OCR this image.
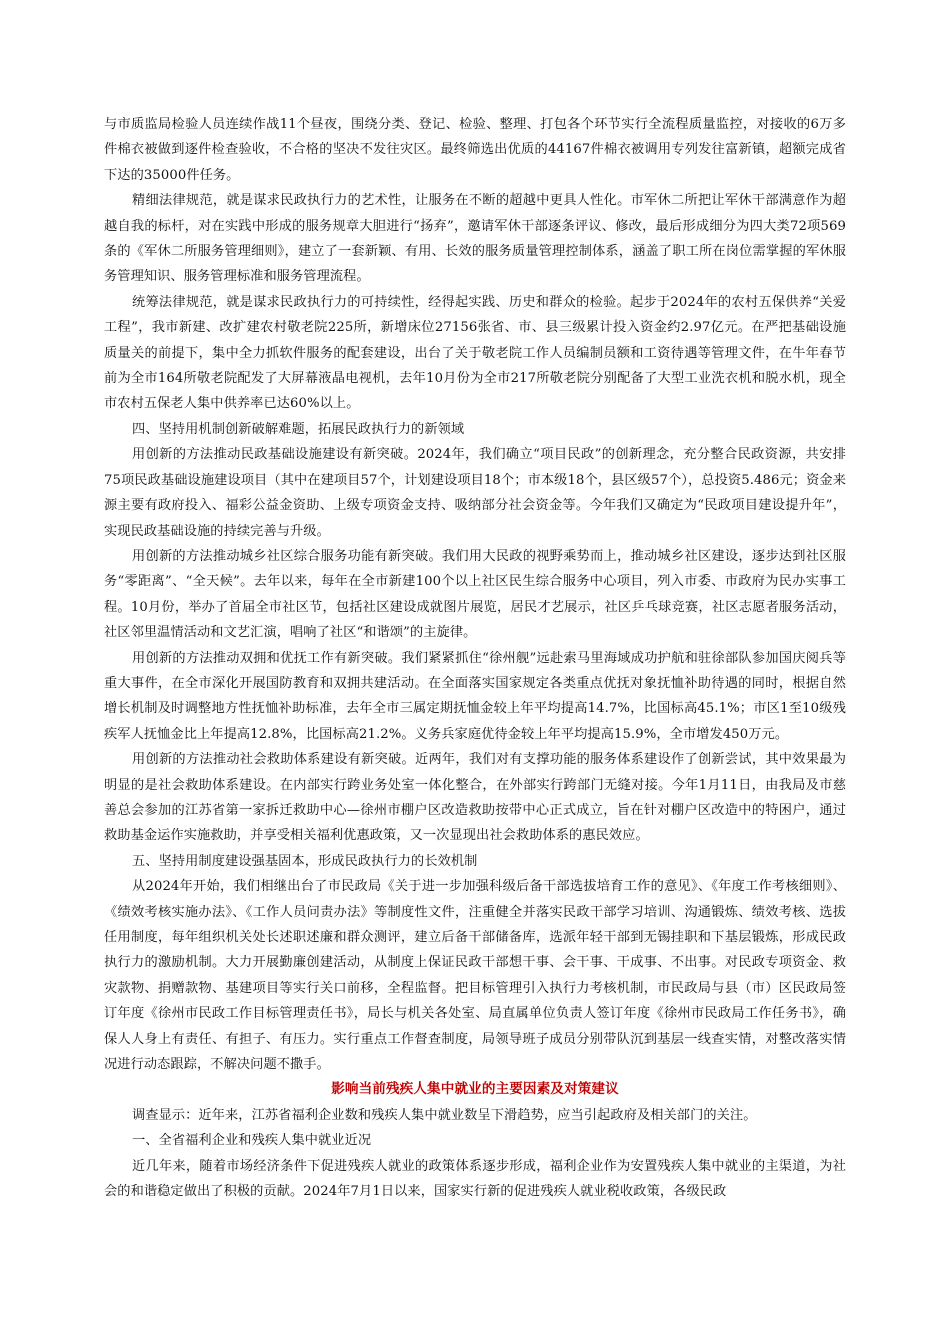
与市质监局检验人员连续作战11个昼夜，围绕分类、登记、检验、整理、打包各个环节实行全流程质量监控，对接收的6万多件棉衣被做到逐件检查验收，不合格的坚决不发往灾区。最终筛选出优质的44167件棉衣被调用专列发往富新镇，超额完成省下达的35000件任务。

精细法律规范，就是谋求民政执行力的艺术性，让服务在不断的超越中更具人性化。市军休二所把让军休干部满意作为超越自我的标杆，对在实践中形成的服务规章大胆进行“扬弃”，邀请军休干部逐条评议、修改，最后形成细分为四大类72项569条的《军休二所服务管理细则》，建立了一套新颖、有用、长效的服务质量管理控制体系，涵盖了职工所在岗位需掌握的军休服务管理知识、服务管理标准和服务管理流程。

统筹法律规范，就是谋求民政执行力的可持续性，经得起实践、历史和群众的检验。起步于2024年的农村五保供养“关爱工程”，我市新建、改扩建农村敬老院225所，新增床位27156张省、市、县三级累计投入资金约2.97亿元。在严把基础设施质量关的前提下，集中全力抓软件服务的配套建设，出台了关于敬老院工作人员编制员额和工资待遇等管理文件，在牛年春节前为全市164所敬老院配发了大屏幕液晶电视机，去年10月份为全市217所敬老院分别配备了大型工业洗衣机和脱水机，现全市农村五保老人集中供养率已达60%以上。

四、坚持用机制创新破解难题，拓展民政执行力的新领域

用创新的方法推动民政基础设施建设有新突破。2024年，我们确立“项目民政”的创新理念，充分整合民政资源，共安排75项民政基础设施建设项目（其中在建项目57个，计划建设项目18个；市本级18个，县区级57个），总投资5.486元；资金来源主要有政府投入、福彩公益金资助、上级专项资金支持、吸纳部分社会资金等。今年我们又确定为“民政项目建设提升年”，实现民政基础设施的持续完善与升级。

用创新的方法推动城乡社区综合服务功能有新突破。我们用大民政的视野乘势而上，推动城乡社区建设，逐步达到社区服务“零距离”、“全天候”。去年以来，每年在全市新建100个以上社区民生综合服务中心项目，列入市委、市政府为民办实事工程。10月份，举办了首届全市社区节，包括社区建设成就图片展览，居民才艺展示，社区乒乓球竞赛，社区志愿者服务活动，社区邻里温情活动和文艺汇演，唱响了社区“和谐颂”的主旋律。

用创新的方法推动双拥和优抚工作有新突破。我们紧紧抓住“徐州舰”远赴索马里海域成功护航和驻徐部队参加国庆阅兵等重大事件，在全市深化开展国防教育和双拥共建活动。在全面落实国家规定各类重点优抚对象抚恤补助待遇的同时，根据自然增长机制及时调整地方性抚恤补助标准，去年全市三属定期抚恤金较上年平均提高14.7%，比国标高45.1%；市区1至10级残疾军人抚恤金比上年提高12.8%，比国标高21.2%。义务兵家庭优待金较上年平均提高15.9%，全市增发450万元。

用创新的方法推动社会救助体系建设有新突破。近两年，我们对有支撑功能的服务体系建设作了创新尝试，其中效果最为明显的是社会救助体系建设。在内部实行跨业务处室一体化整合，在外部实行跨部门无缝对接。今年1月11日，由我局及市慈善总会参加的江苏省第一家拆迁救助中心—徐州市棚户区改造救助按带中心正式成立，旨在针对棚户区改造中的特困户，通过救助基金运作实施救助，并享受相关福利优惠政策，又一次显现出社会救助体系的惠民效应。

五、坚持用制度建设强基固本，形成民政执行力的长效机制

从2024年开始，我们相继出台了市民政局《关于进一步加强科级后备干部选拔培育工作的意见》、《年度工作考核细则》、《绩效考核实施办法》、《工作人员问责办法》等制度性文件，注重健全并落实民政干部学习培训、沟通锻炼、绩效考核、选拔任用制度，每年组织机关处长述职述廉和群众测评，建立后备干部储备库，选派年轻干部到无锡挂职和下基层锻炼，形成民政执行力的激励机制。大力开展勤廉创建活动，从制度上保证民政干部想干事、会干事、干成事、不出事。对民政专项资金、救灾款物、捐赠款物、基建项目等实行关口前移，全程监督。把目标管理引入执行力考核机制，市民政局与县（市）区民政局签订年度《徐州市民政工作目标管理责任书》，局长与机关各处室、局直属单位负责人签订年度《徐州市民政局工作任务书》，确保人人身上有责任、有担子、有压力。实行重点工作督查制度，局领导班子成员分别带队沉到基层一线查实情，对整改落实情况进行动态跟踪，不解决问题不撒手。

影响当前残疾人集中就业的主要因素及对策建议

调查显示：近年来，江苏省福利企业数和残疾人集中就业数呈下滑趋势，应当引起政府及相关部门的关注。

一、全省福利企业和残疾人集中就业近况

近几年来，随着市场经济条件下促进残疾人就业的政策体系逐步形成，福利企业作为安置残疾人集中就业的主渠道，为社会的和谐稳定做出了积极的贡献。2024年7月1日以来，国家实行新的促进残疾人就业税收政策，各级民政
